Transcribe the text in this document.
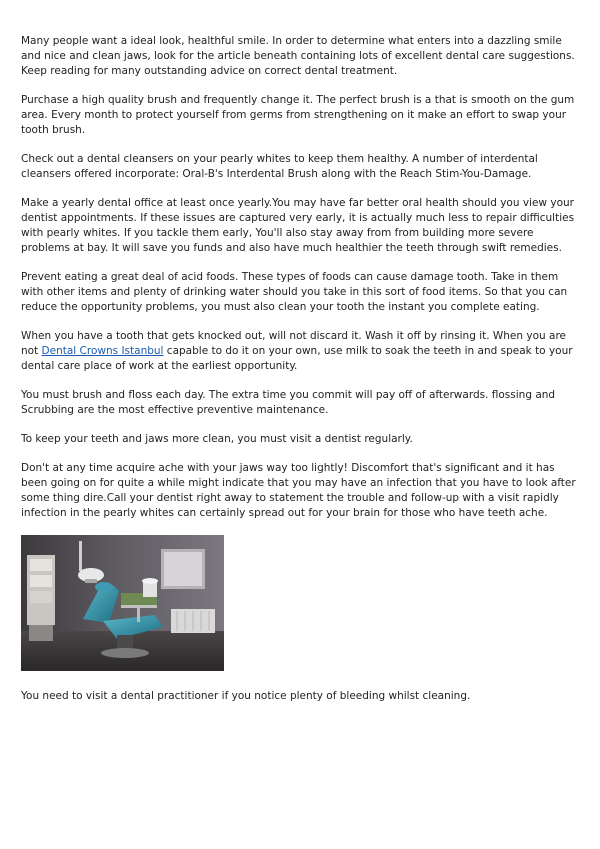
Many people want a ideal look, healthful smile. In order to determine what enters into a dazzling smile and nice and clean jaws, look for the article beneath containing lots of excellent dental care suggestions. Keep reading for many outstanding advice on correct dental treatment.

Purchase a high quality brush and frequently change it. The perfect brush is a that is smooth on the gum area. Every month to protect yourself from germs from strengthening on it make an effort to swap your tooth brush.

Check out a dental cleansers on your pearly whites to keep them healthy. A number of interdental cleansers offered incorporate: Oral-B's Interdental Brush along with the Reach Stim-You-Damage.

Make a yearly dental office at least once yearly.You may have far better oral health should you view your dentist appointments. If these issues are captured very early, it is actually much less to repair difficulties with pearly whites. If you tackle them early, You'll also stay away from from building more severe problems at bay. It will save you funds and also have much healthier the teeth through swift remedies.

Prevent eating a great deal of acid foods. These types of foods can cause damage tooth. Take in them with other items and plenty of drinking water should you take in this sort of food items. So that you can reduce the opportunity problems, you must also clean your tooth the instant you complete eating.

When you have a tooth that gets knocked out, will not discard it. Wash it off by rinsing it. When you are not Dental Crowns Istanbul capable to do it on your own, use milk to soak the teeth in and speak to your dental care place of work at the earliest opportunity.

You must brush and floss each day. The extra time you commit will pay off of afterwards. flossing and Scrubbing are the most effective preventive maintenance.

To keep your teeth and jaws more clean, you must visit a dentist regularly.

Don't at any time acquire ache with your jaws way too lightly! Discomfort that's significant and it has been going on for quite a while might indicate that you may have an infection that you have to look after some thing dire.Call your dentist right away to statement the trouble and follow-up with a visit rapidly infection in the pearly whites can certainly spread out for your brain for those who have teeth ache.

You need to visit a dental practitioner if you notice plenty of bleeding whilst cleaning.
